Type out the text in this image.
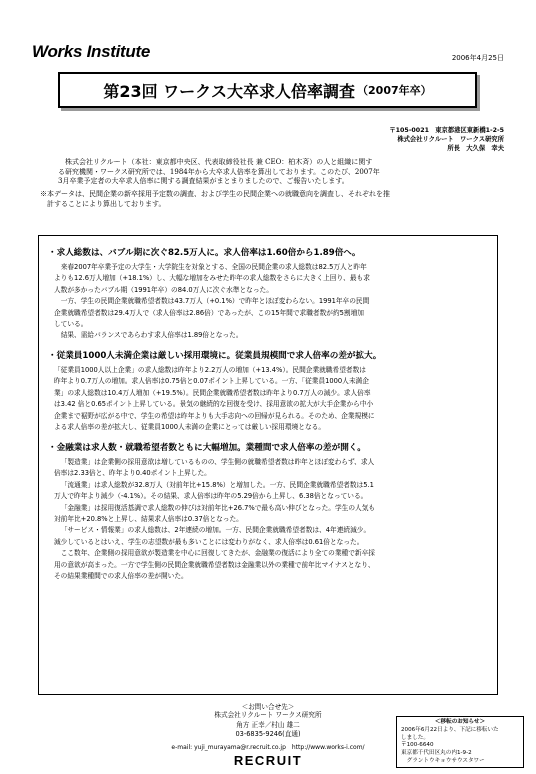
Works Institute	2006年4月25日
第23回 ワークス大卒求人倍率調査 （2007年卒）
〒105-0021　東京都港区東新橋1-2-5
株式会社リクルート　ワークス研究所
所長　大久保　幸夫
株式会社リクルート（本社：東京都中央区、代表取締役社長 兼 CEO：柏木斉）の人と組織に関す
る研究機関・ワークス研究所では、1984年から大卒求人倍率を算出しております。このたび、2007年
3月卒業予定者の大卒求人倍率に関する調査結果がまとまりましたので、ご報告いたします。
※本データは、民間企業の新卒採用予定数の調査、および学生の民間企業への就職意向を調査し、それぞれを推
計することにより算出しております。
・求人総数は、バブル期に次ぐ82.5万人に。求人倍率は1.60倍から1.89倍へ。
来春2007年卒業予定の大学生・大学院生を対象とする、全国の民間企業の求人総数は82.5万人と昨年
よりも12.6万人増加（+18.1%）し、大幅な増加をみせた昨年の求人総数をさらに大きく上回り、最も求
人数が多かったバブル期（1991年卒）の84.0万人に次ぐ水準となった。
一方、学生の民間企業就職希望者数は43.7万人（+0.1%）で昨年とほぼ変わらない。1991年卒の民間
企業就職希望者数は29.4万人で（求人倍率は2.86倍）であったが、この15年間で求職者数が約5割増加
している。
結果、需給バランスであらわす求人倍率は1.89倍となった。
・従業員1000人未満企業は厳しい採用環境に。従業員規模間で求人倍率の差が拡大。
「従業員1000人以上企業」の求人総数は昨年より2.2万人の増加（+13.4%）。民間企業就職希望者数は
昨年より0.7万人の増加。求人倍率は0.75倍と0.07ポイント上昇している。一方、「従業員1000人未満企
業」の求人総数は10.4万人増加（+19.5%）。民間企業就職希望者数は昨年より0.7万人の減少。求人倍率
は3.42 倍と0.65ポイント上昇している。景気の継続的な回復を受け、採用意欲の拡大が大手企業から中小
企業まで裾野が広がる中で、学生の希望は昨年よりも大手志向への回帰が見られる。そのため、企業規模に
よる求人倍率の差が拡大し、従業員1000人未満の企業にとっては厳しい採用環境となる。
・金融業は求人数・就職希望者数ともに大幅増加。業種間で求人倍率の差が開く。
「製造業」は企業側の採用意欲は増しているものの、学生側の就職希望者数は昨年とほぼ変わらず、求人
倍率は2.33倍と、昨年より0.40ポイント上昇した。
「流通業」は求人総数が32.8万人（対前年比+15.8%）と増加した。一方、民間企業就職希望者数は5.1
万人で昨年より減少（-4.1%）。その結果、求人倍率は昨年の5.29倍から上昇し、6.38倍となっている。
「金融業」は採用復活基調で求人総数の伸びは対前年比+26.7%で最も高い伸びとなった。学生の人気も
対前年比+20.8%と上昇し、結果求人倍率は0.37倍となった。
「サービス・情報業」の求人総数は、2年連続の増加。一方、民間企業就職希望者数は、4年連続減少。
減少しているとはいえ、学生の志望数が最も多いことには変わりがなく、求人倍率は0.61倍となった。
ここ数年、企業側の採用意欲が製造業を中心に回復してきたが、金融業の復活により全ての業種で新卒採
用の意欲が高まった。一方で学生側の民間企業就職希望者数は金融業以外の業種で前年比マイナスとなり、
その結果業種間での求人倍率の差が開いた。
＜お問い合せ先＞
株式会社リクルート ワークス研究所
角方 正幸／村山 雄二
03-6835-9246(直通)
e-mail: yuji_murayama@r.recruit.co.jp　http://www.works-i.com/
RECRUIT
＜移転のお知らせ＞
2006年6月22日より、下記に移転いた
しました。
〒100-6640
東京都千代田区丸の内1-9-2
グラントウキョウサウスタワー
